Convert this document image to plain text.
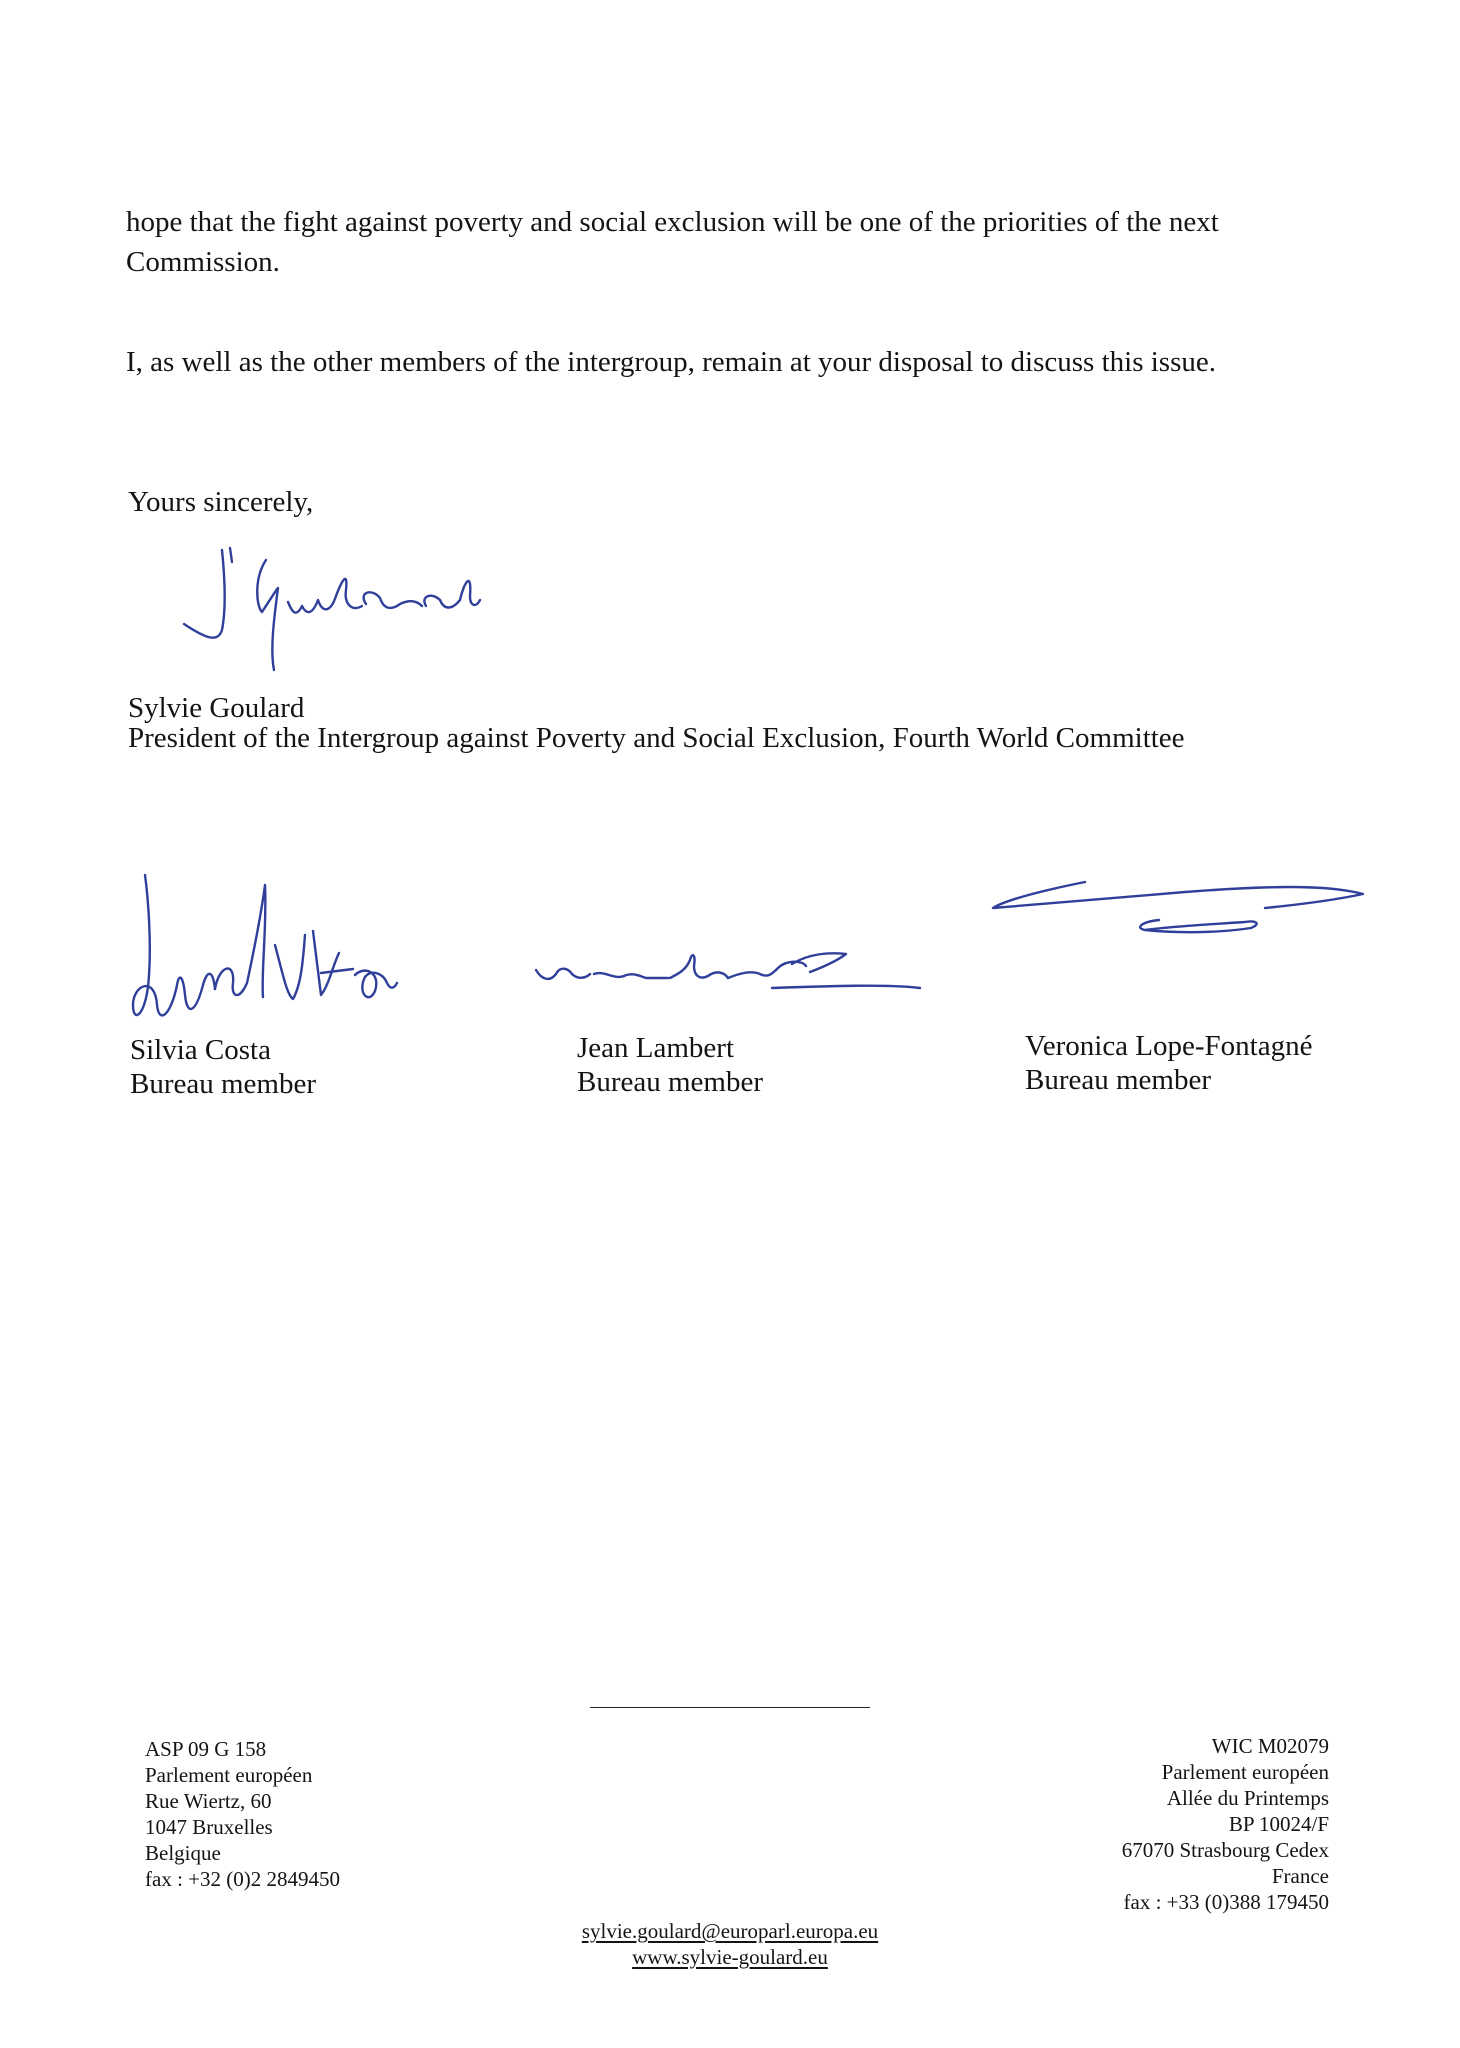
hope that the fight against poverty and social exclusion will be one of the priorities of the next

Commission.

I, as well as the other members of the intergroup, remain at your disposal to discuss this issue.

Yours sincerely,

Sylvie Goulard

President of the Intergroup against Poverty and Social Exclusion, Fourth World Committee

Silvia Costa

Bureau member

Jean Lambert

Bureau member

Veronica Lope-Fontagné

Bureau member

ASP 09 G 158
Parlement européen
Rue Wiertz, 60
1047 Bruxelles
Belgique
fax : +32 (0)2 2849450
WIC M02079
Parlement européen
Allée du Printemps
BP 10024/F
67070 Strasbourg Cedex
France
fax : +33 (0)388 179450
sylvie.goulard@europarl.europa.eu
www.sylvie-goulard.eu
